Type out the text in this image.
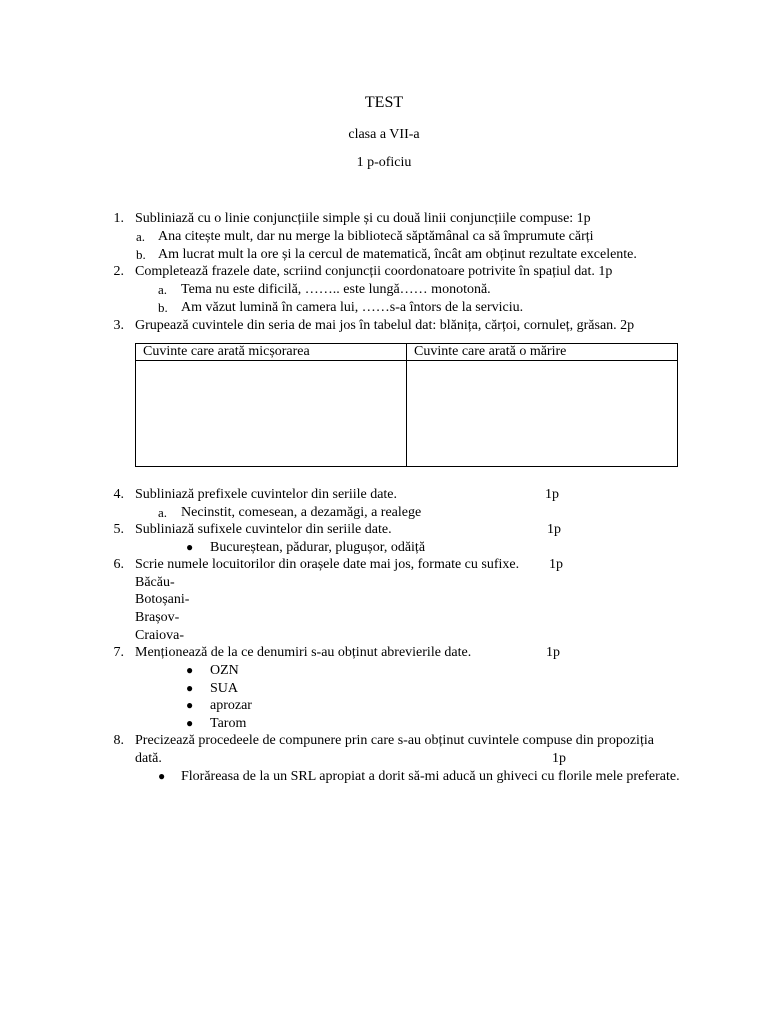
TEST
clasa a VII-a
1 p-oficiu
1. Subliniază cu o linie conjuncțiile simple și cu două linii conjuncțiile compuse: 1p
a. Ana citește mult, dar nu merge la bibliotecă săptămânal ca să împrumute cărți
b. Am lucrat mult la ore și la cercul de matematică, încât am obținut rezultate excelente.
2. Completează frazele date, scriind conjuncții coordonatoare potrivite în spațiul dat. 1p
a. Tema nu este dificilă, …….. este lungă…… monotonă.
b. Am văzut lumină în camera lui, ……s-a întors de la serviciu.
3. Grupează cuvintele din seria de mai jos în tabelul dat: blănița, cărțoi, cornuleț, grăsan. 2p
Cuvinte care arată micșorarea	Cuvinte care arată o mărire

4. Subliniază prefixele cuvintelor din seriile date.	1p
a. Necinstit, comesean, a dezamăgi, a realege
5. Subliniază sufixele cuvintelor din seriile date.	1p
● Bucureștean, pădurar, plugușor, odăiță
6. Scrie numele locuitorilor din orașele date mai jos, formate cu sufixe. 1p
Băcău-
Botoșani-
Brașov-
Craiova-
7. Menționează de la ce denumiri s-au obținut abrevierile date.	1p
● OZN
● SUA
● aprozar
● Tarom
8. Precizează procedeele de compunere prin care s-au obținut cuvintele compuse din propoziția
dată.	1p
● Florăreasa de la un SRL apropiat a dorit să-mi aducă un ghiveci cu florile mele preferate.
